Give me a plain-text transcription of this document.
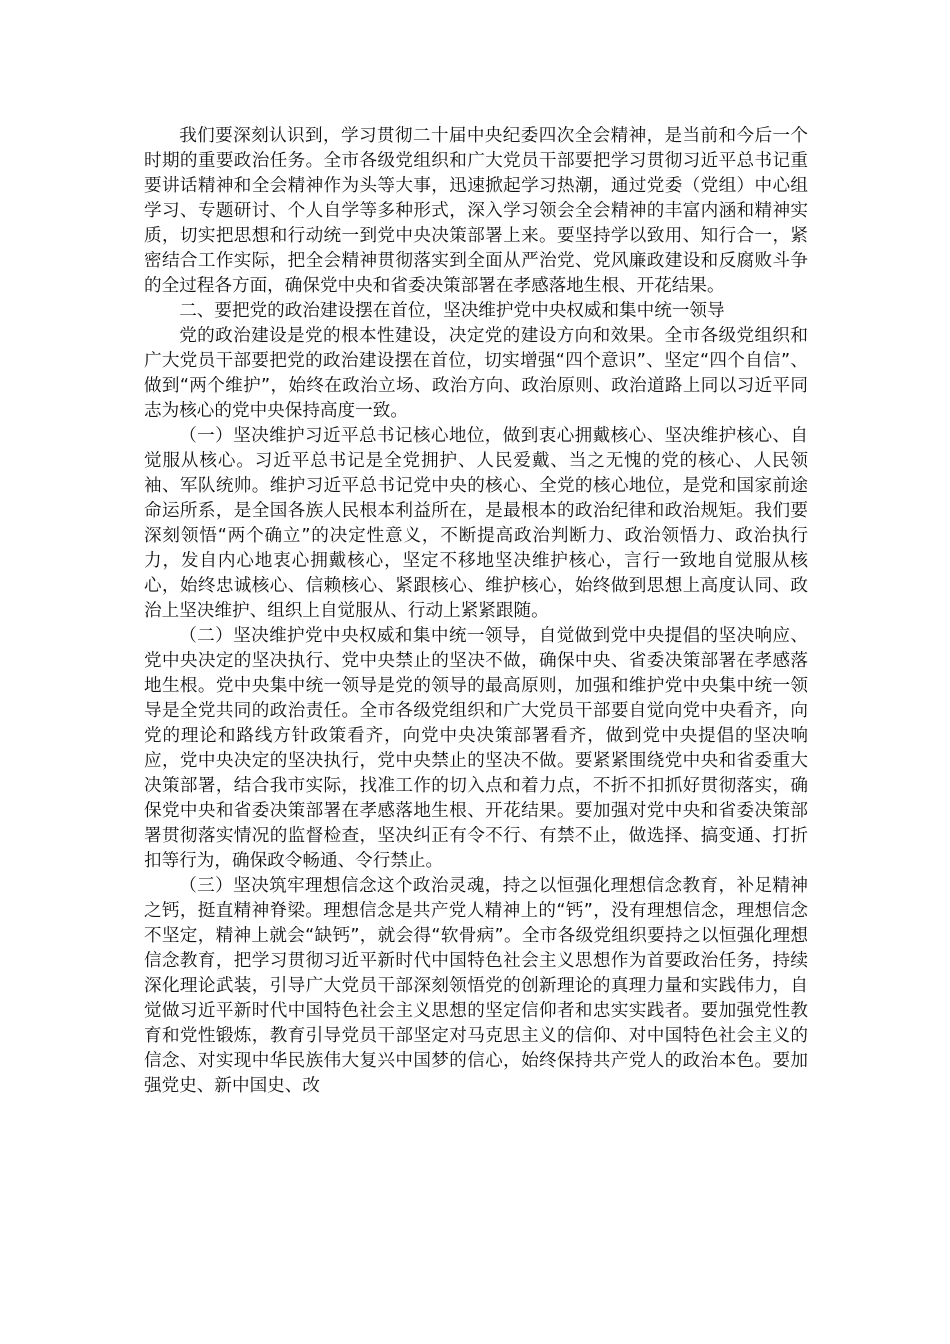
我们要深刻认识到，学习贯彻二十届中央纪委四次全会精神，是当前和今后一个时期的重要政治任务。全市各级党组织和广大党员干部要把学习贯彻习近平总书记重要讲话精神和全会精神作为头等大事，迅速掀起学习热潮，通过党委（党组）中心组学习、专题研讨、个人自学等多种形式，深入学习领会全会精神的丰富内涵和精神实质，切实把思想和行动统一到党中央决策部署上来。要坚持学以致用、知行合一，紧密结合工作实际，把全会精神贯彻落实到全面从严治党、党风廉政建设和反腐败斗争的全过程各方面，确保党中央和省委决策部署在孝感落地生根、开花结果。

二、要把党的政治建设摆在首位，坚决维护党中央权威和集中统一领导

党的政治建设是党的根本性建设，决定党的建设方向和效果。全市各级党组织和广大党员干部要把党的政治建设摆在首位，切实增强“四个意识”、坚定“四个自信”、做到“两个维护”，始终在政治立场、政治方向、政治原则、政治道路上同以习近平同志为核心的党中央保持高度一致。

（一）坚决维护习近平总书记核心地位，做到衷心拥戴核心、坚决维护核心、自觉服从核心。习近平总书记是全党拥护、人民爱戴、当之无愧的党的核心、人民领袖、军队统帅。维护习近平总书记党中央的核心、全党的核心地位，是党和国家前途命运所系，是全国各族人民根本利益所在，是最根本的政治纪律和政治规矩。我们要深刻领悟“两个确立”的决定性意义，不断提高政治判断力、政治领悟力、政治执行力，发自内心地衷心拥戴核心，坚定不移地坚决维护核心，言行一致地自觉服从核心，始终忠诚核心、信赖核心、紧跟核心、维护核心，始终做到思想上高度认同、政治上坚决维护、组织上自觉服从、行动上紧紧跟随。

（二）坚决维护党中央权威和集中统一领导，自觉做到党中央提倡的坚决响应、党中央决定的坚决执行、党中央禁止的坚决不做，确保中央、省委决策部署在孝感落地生根。党中央集中统一领导是党的领导的最高原则，加强和维护党中央集中统一领导是全党共同的政治责任。全市各级党组织和广大党员干部要自觉向党中央看齐，向党的理论和路线方针政策看齐，向党中央决策部署看齐，做到党中央提倡的坚决响应，党中央决定的坚决执行，党中央禁止的坚决不做。要紧紧围绕党中央和省委重大决策部署，结合我市实际，找准工作的切入点和着力点，不折不扣抓好贯彻落实，确保党中央和省委决策部署在孝感落地生根、开花结果。要加强对党中央和省委决策部署贯彻落实情况的监督检查，坚决纠正有令不行、有禁不止，做选择、搞变通、打折扣等行为，确保政令畅通、令行禁止。

（三）坚决筑牢理想信念这个政治灵魂，持之以恒强化理想信念教育，补足精神之钙，挺直精神脊梁。理想信念是共产党人精神上的“钙”，没有理想信念，理想信念不坚定，精神上就会“缺钙”，就会得“软骨病”。全市各级党组织要持之以恒强化理想信念教育，把学习贯彻习近平新时代中国特色社会主义思想作为首要政治任务，持续深化理论武装，引导广大党员干部深刻领悟党的创新理论的真理力量和实践伟力，自觉做习近平新时代中国特色社会主义思想的坚定信仰者和忠实实践者。要加强党性教育和党性锻炼，教育引导党员干部坚定对马克思主义的信仰、对中国特色社会主义的信念、对实现中华民族伟大复兴中国梦的信心，始终保持共产党人的政治本色。要加强党史、新中国史、改
